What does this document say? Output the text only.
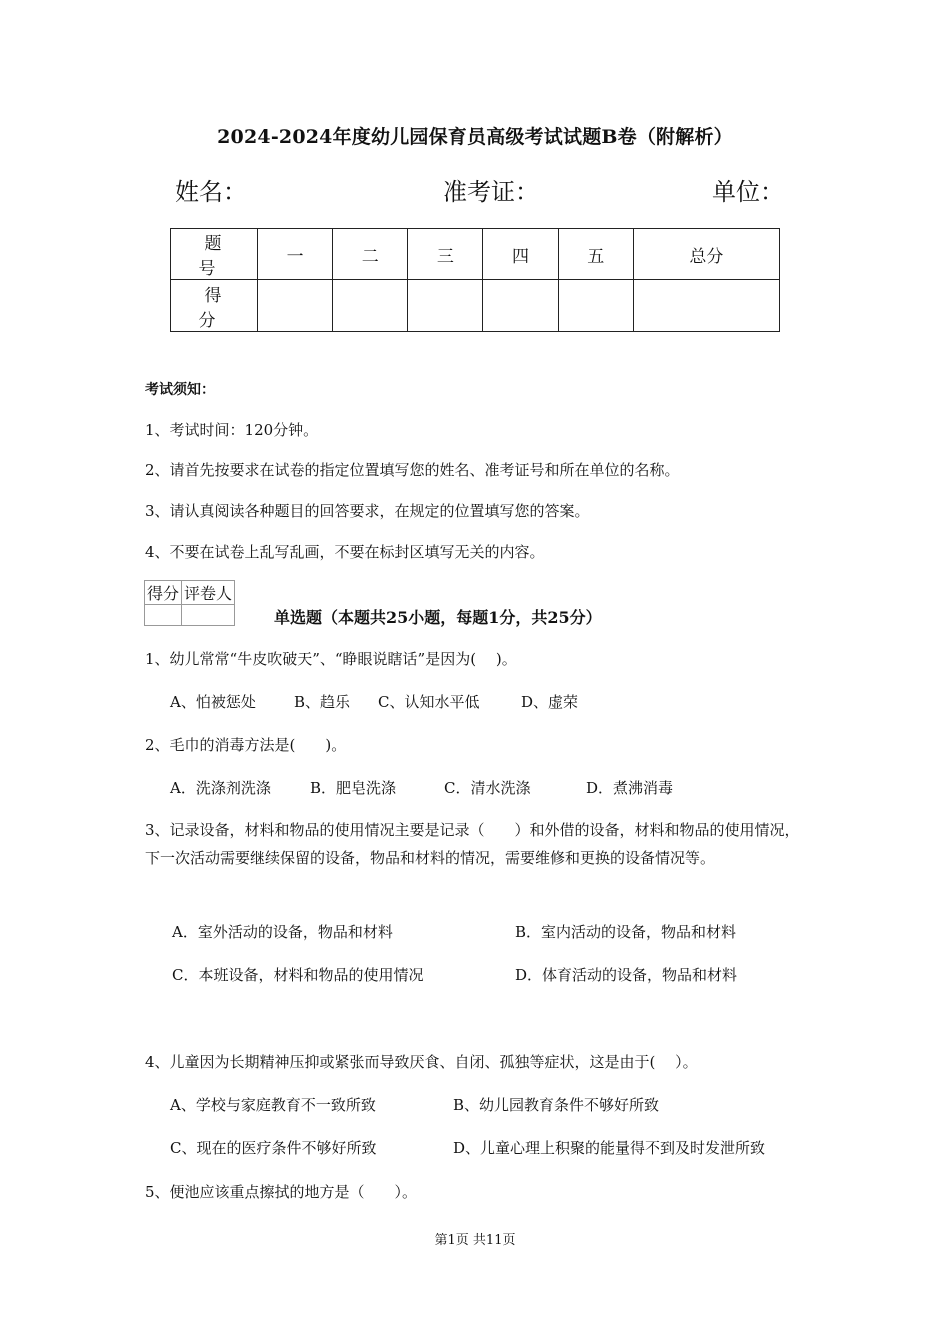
2024-2024年度幼儿园保育员高级考试试题B卷（附解析）
姓名：	准考证：	单位：
题　号	一	二	三	四	五	总分
得　分						
考试须知：
1、考试时间：120分钟。
2、请首先按要求在试卷的指定位置填写您的姓名、准考证号和所在单位的名称。
3、请认真阅读各种题目的回答要求，在规定的位置填写您的答案。
4、不要在试卷上乱写乱画，不要在标封区填写无关的内容。
得分	评卷人

单选题（本题共25小题，每题1分，共25分）
1、幼儿常常“牛皮吹破天”、“睁眼说瞎话”是因为(　 )。
A、怕被惩处	B、趋乐 C、认知水平低	D、虚荣
2、毛巾的消毒方法是(　　)。
A．洗涤剂洗涤	B．肥皂洗涤	C．清水洗涤	D．煮沸消毒
3、记录设备，材料和物品的使用情况主要是记录（　　）和外借的设备，材料和物品的使用情况，下一次活动需要继续保留的设备，物品和材料的情况，需要维修和更换的设备情况等。
A．室外活动的设备，物品和材料	B．室内活动的设备，物品和材料
C．本班设备，材料和物品的使用情况	D．体育活动的设备，物品和材料
4、儿童因为长期精神压抑或紧张而导致厌食、自闭、孤独等症状，这是由于(　 ）。
A、学校与家庭教育不一致所致	B、幼儿园教育条件不够好所致
C、现在的医疗条件不够好所致	D、儿童心理上积聚的能量得不到及时发泄所致
5、便池应该重点擦拭的地方是（　　）。
第1页 共11页
